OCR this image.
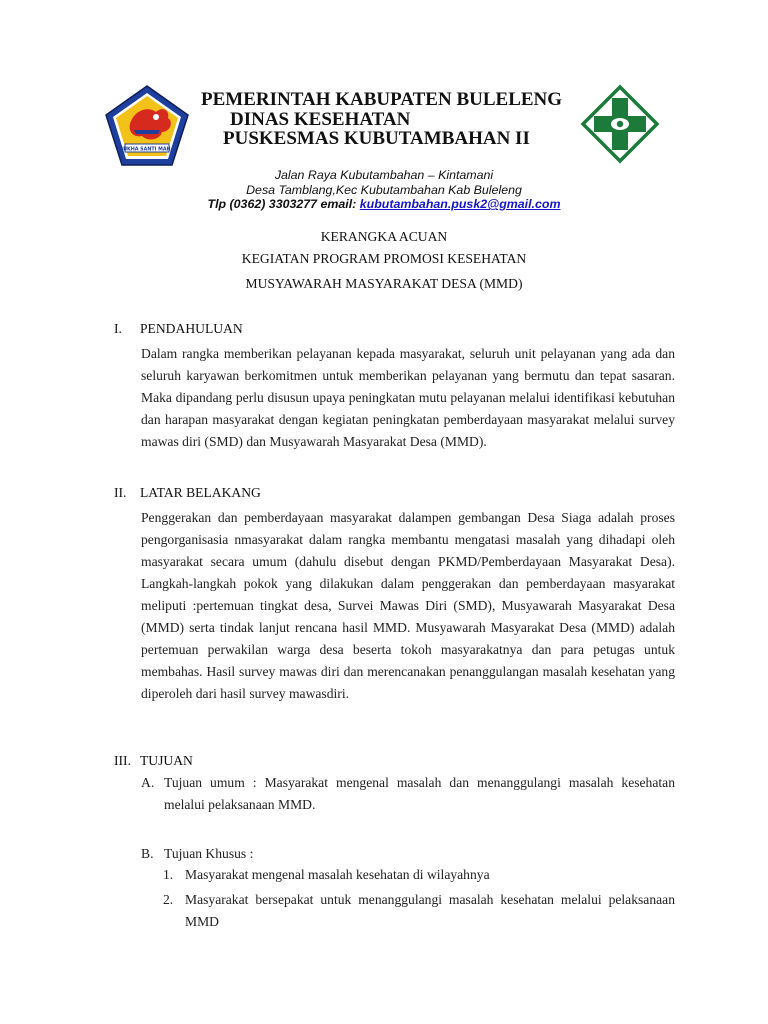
SUKHA SANTI MAHA
PEMERINTAH KABUPATEN BULELENG
DINAS KESEHATAN
PUSKESMAS KUBUTAMBAHAN II
Jalan Raya Kubutambahan – Kintamani
Desa Tamblang,Kec Kubutambahan Kab Buleleng
Tlp (0362) 3303277 email: kubutambahan.pusk2@gmail.com
KERANGKA ACUAN
KEGIATAN PROGRAM PROMOSI KESEHATAN
MUSYAWARAH MASYARAKAT DESA (MMD)
I. PENDAHULUAN
Dalam rangka memberikan pelayanan kepada masyarakat, seluruh unit pelayanan yang ada dan seluruh karyawan berkomitmen untuk memberikan pelayanan yang bermutu dan tepat sasaran. Maka dipandang perlu disusun upaya peningkatan mutu pelayanan melalui identifikasi kebutuhan dan harapan masyarakat dengan kegiatan peningkatan pemberdayaan masyarakat melalui survey mawas diri (SMD) dan Musyawarah Masyarakat Desa (MMD).
II. LATAR BELAKANG
Penggerakan dan pemberdayaan masyarakat dalampen gembangan Desa Siaga adalah proses pengorganisasia nmasyarakat dalam rangka membantu mengatasi masalah yang dihadapi oleh masyarakat secara umum (dahulu disebut dengan PKMD/Pemberdayaan Masyarakat Desa). Langkah-langkah pokok yang dilakukan dalam penggerakan dan pemberdayaan masyarakat meliputi :pertemuan tingkat desa, Survei Mawas Diri (SMD), Musyawarah Masyarakat Desa (MMD) serta tindak lanjut rencana hasil MMD. Musyawarah Masyarakat Desa (MMD) adalah pertemuan perwakilan warga desa beserta tokoh masyarakatnya dan para petugas untuk membahas. Hasil survey mawas diri dan merencanakan penanggulangan masalah kesehatan yang diperoleh dari hasil survey mawasdiri.
III. TUJUAN
A. Tujuan umum : Masyarakat mengenal masalah dan menanggulangi masalah kesehatan melalui pelaksanaan MMD.
B. Tujuan Khusus :
1. Masyarakat mengenal masalah kesehatan di wilayahnya
2. Masyarakat bersepakat untuk menanggulangi masalah kesehatan melalui pelaksanaan MMD
